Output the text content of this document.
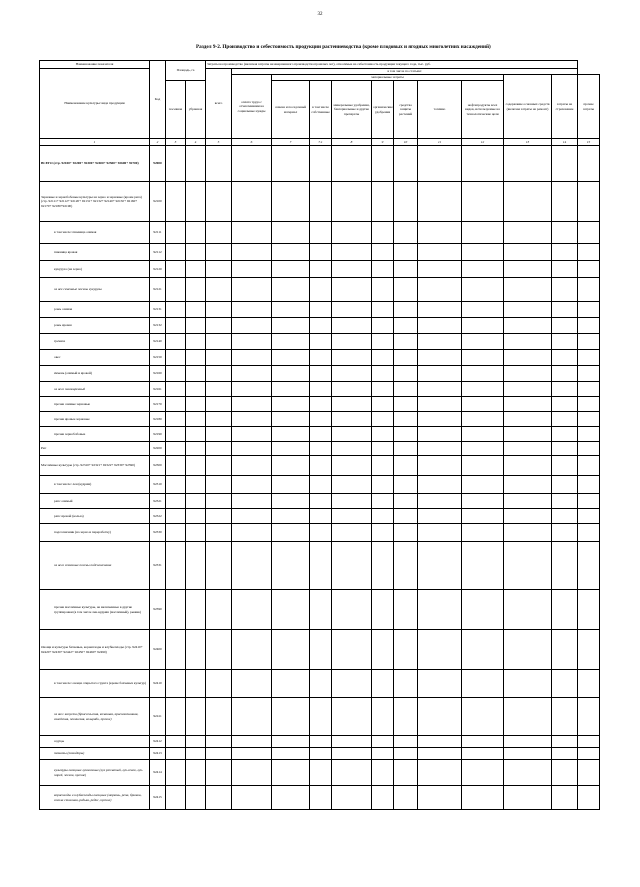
32
Раздел 9-2. Производство и себестоимость продукции растениеводства (кроме плодовых и ягодных многолетних насаждений)
Наименование показателя	Код	Площадь, га		Затраты на производство (включая затраты незавершенного производства прошлых лет), относимые на себестоимость продукции текущего года, тыс. руб.											
Наименование культуры/ вида продукции				всего	в том числе по статьям:										
					оплата труда с отчислениями на социальные нужды	материальные затраты							содержание основных средств (включая затраты на ремонт)	затраты на страхование	прочие затраты
		посевная	убранная			семена и посадочный материал	в том числе собственные	минеральные удобрения, бактериальные и другие препараты	органические удобрения	средства защиты растений	топливо	нефтепродукты всех видов, используемые на технологические цели			
1	2	3	4	5	6	7	7.1	8	9	10	11	12	13	14	15
ВСЕГО (стр. 92100+ 92200+ 92300+ 92400+ 92500+ 92600+ 92700)	92000														
Зерновые и зернобобовые культуры на зерно и зерновые (кроме риса) (стр. 92111+ 92112+ 92120+ 92131+ 92132+ 92140+ 92150+ 92160+ 92170+ 92180+92190)	92100														
в том числе: пшеница озимая	92111														
пшеница яровая	92112														
кукуруза (на зерно)	92120														
из нее семенные посевы кукурузы	92121														
рожь озимая	92131														
рожь яровая	92132														
гречиха	92140														
овес	92150														
ячмень (озимый и яровой)	92160														
из него пивоваренный	92161														
прочие озимые зерновые	92170														
прочие яровые зерновые	92180														
прочие зернобобовые	92190														
Рис	92200														
Масличные культуры (стр. 92310+ 92321+ 92322+ 92330+ 92390)	92300														
в том числе: лен (кудряш)	92310														
рапс озимый	92321														
рапс яровой (кольза)	92322														
подсолнечник (на зерно и переработку)	92330														
из него семенные посевы подсолнечника	92331														
прочие масличные культуры, не включенные в другие группировки (в том числе лен-кудряш (масличный), рыжик)	92390														
Овощи и культуры бахчевые, корнеплоды и клубнеплоды (стр. 92410+ 92420+ 92430+ 92442+ 92450+ 92460+ 92490)	92400														
в том числе: овощи открытого грунта (кроме бахчевых культур)	92410														
из них: капуста (брюссельская, кочанная, краснокочанная, савойская, пекинская, кольраби, прочие)	92411														
огурцы	92412														
томаты (помидоры)	92413														
культуры овощные луковичные (лук репчатый, лук-севок, лук-порей, чеснок, прочие)	92414														
корнеплоды и клубнеплоды овощные (морковь, репа, брюква, свекла столовая, редька, редис, прочие)	92415														
